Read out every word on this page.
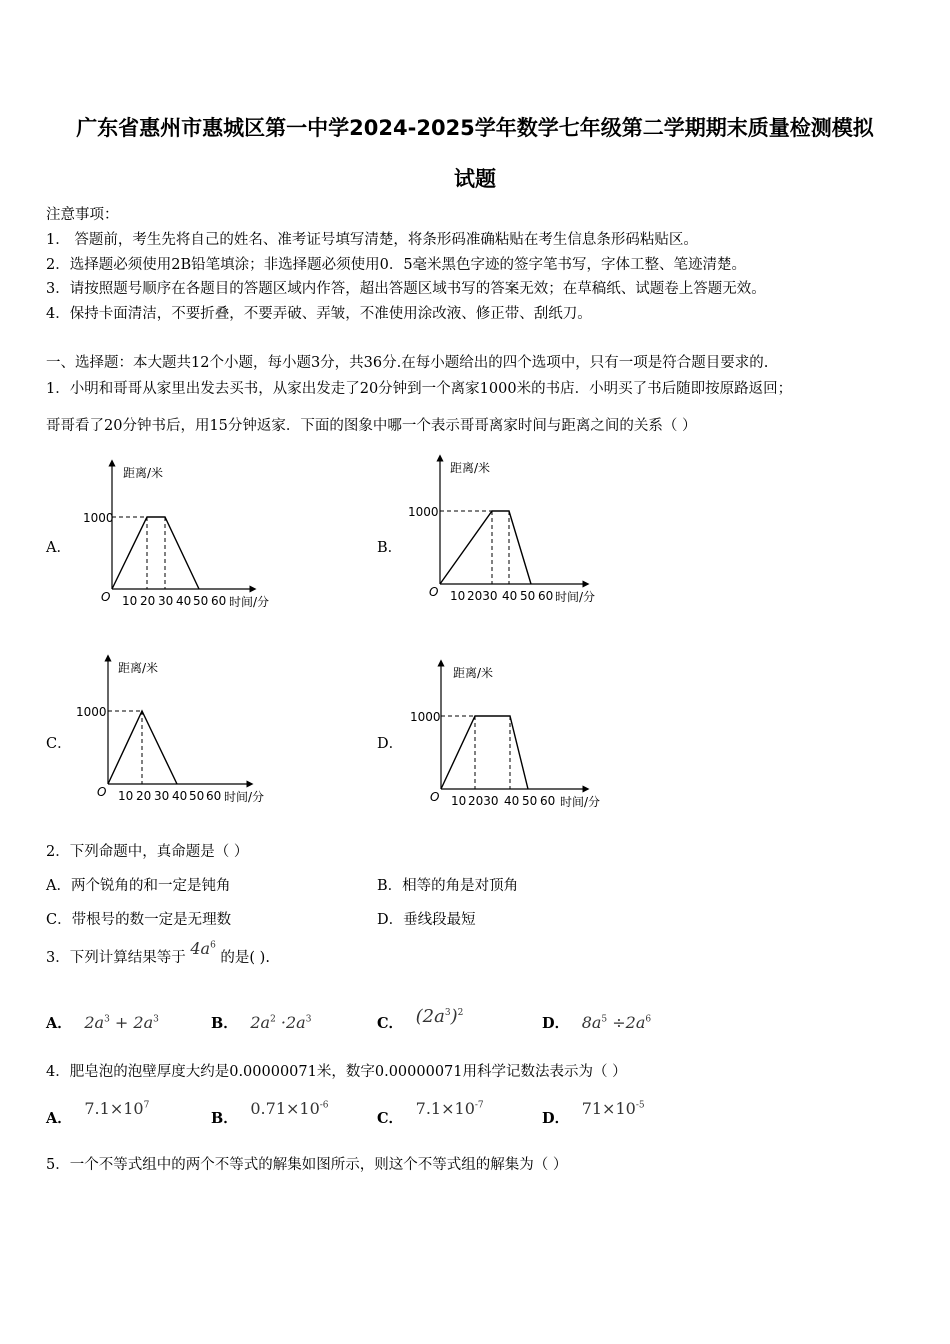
广东省惠州市惠城区第一中学2024-2025学年数学七年级第二学期期末质量检测模拟
试题
注意事项：
1． 答题前，考生先将自己的姓名、准考证号填写清楚，将条形码准确粘贴在考生信息条形码粘贴区。
2．选择题必须使用2B铅笔填涂；非选择题必须使用0．5毫米黑色字迹的签字笔书写，字体工整、笔迹清楚。
3．请按照题号顺序在各题目的答题区域内作答，超出答题区域书写的答案无效；在草稿纸、试题卷上答题无效。
4．保持卡面清洁，不要折叠，不要弄破、弄皱，不准使用涂改液、修正带、刮纸刀。
一、选择题：本大题共12个小题，每小题3分，共36分.在每小题给出的四个选项中，只有一项是符合题目要求的.
1．小明和哥哥从家里出发去买书，从家出发走了20分钟到一个离家1000米的书店．小明买了书后随即按原路返回；
哥哥看了20分钟书后，用15分钟返家．下面的图象中哪一个表示哥哥离家时间与距离之间的关系（ ）
A．
距离/米
时间/分
O
1000
10 20 30 40 50 60
B．
距离/米
时间/分
O
1000
10 2030 40 50 60
C．
距离/米
时间/分
O
1000
10 20 30 40 50 60
D．
距离/米
时间/分
O
1000
10 2030 40 50 60
2．下列命题中，真命题是（ ）
A．两个锐角的和一定是钝角	B．相等的角是对顶角
C．带根号的数一定是无理数	D．垂线段最短
3．下列计算结果等于 $4a^6$ 的是( ).
A． $2a^3 + 2a^3$	B． $2a^2 \cdot 2a^3$	C． $(2a^3)^2$
D． $8a^5 \div 2a^6$
4．肥皂泡的泡壁厚度大约是0.00000071米，数字0.00000071用科学记数法表示为（ ）
A． $7.1\times 10^7$
B． $0.71\times 10^{-6}$
C． $7.1\times 10^{-7}$
D． $71\times 10^{-5}$
5．一个不等式组中的两个不等式的解集如图所示，则这个不等式组的解集为（ ）
